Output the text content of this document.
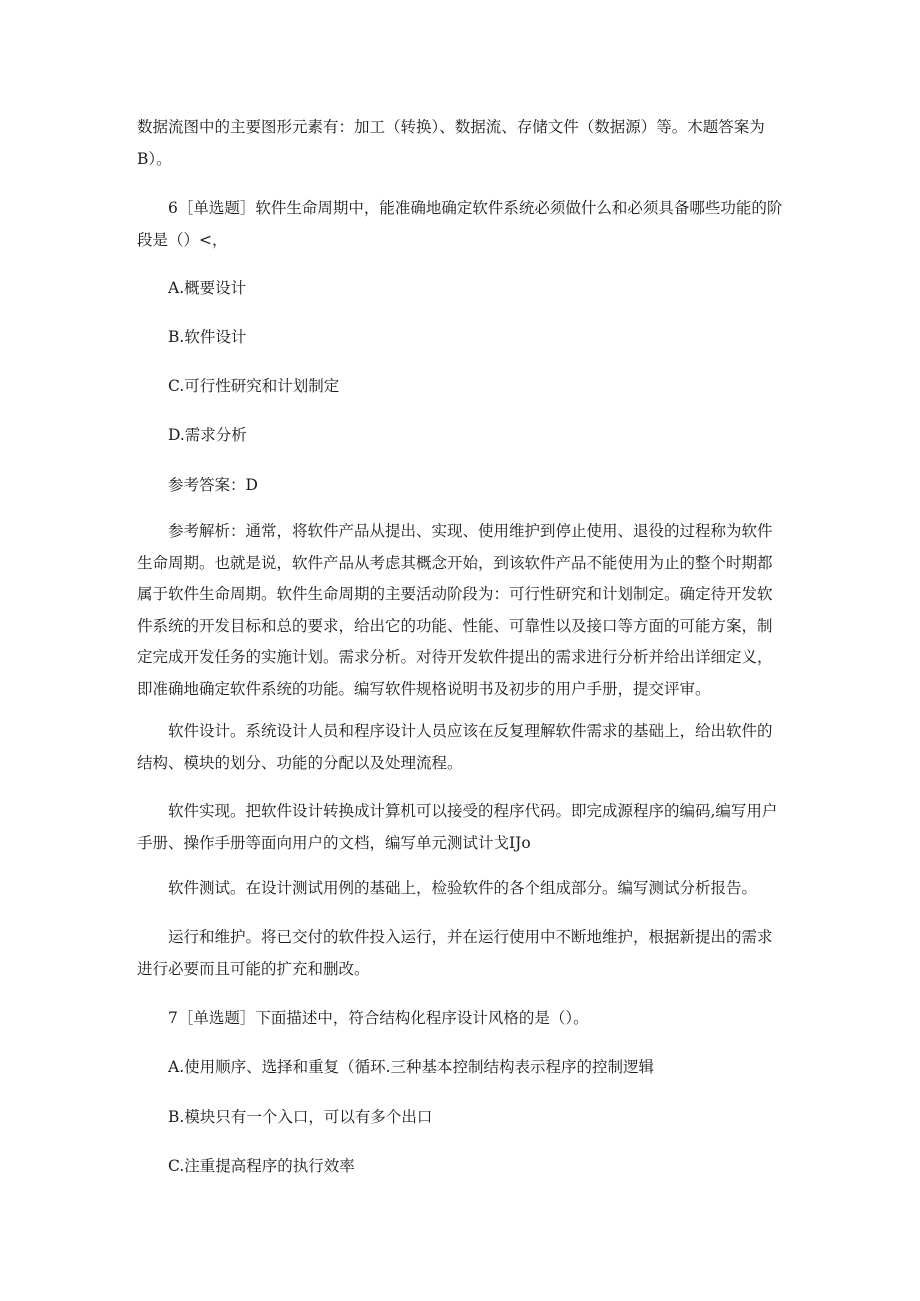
数据流图中的主要图形元素有：加工（转换）、数据流、存储文件（数据源）等。木题答案为B）。

6［单选题］软件生命周期中，能准确地确定软件系统必须做什么和必须具备哪些功能的阶段是（）<，

A.概要设计

B.软件设计

C.可行性研究和计划制定

D.需求分析

参考答案：D

参考解析：通常，将软件产品从提出、实现、使用维护到停止使用、退役的过程称为软件生命周期。也就是说，软件产品从考虑其概念开始，到该软件产品不能使用为止的整个时期都属于软件生命周期。软件生命周期的主要活动阶段为：可行性研究和计划制定。确定待开发软件系统的开发目标和总的要求，给出它的功能、性能、可靠性以及接口等方面的可能方案，制定完成开发任务的实施计划。需求分析。对待开发软件提出的需求进行分析并给出详细定义，即准确地确定软件系统的功能。编写软件规格说明书及初步的用户手册，提交评审。

软件设计。系统设计人员和程序设计人员应该在反复理解软件需求的基础上，给出软件的结构、模块的划分、功能的分配以及处理流程。

软件实现。把软件设计转换成计算机可以接受的程序代码。即完成源程序的编码,编写用户手册、操作手册等面向用户的文档，编写单元测试计戈IJo

软件测试。在设计测试用例的基础上，检验软件的各个组成部分。编写测试分析报告。

运行和维护。将已交付的软件投入运行，并在运行使用中不断地维护，根据新提出的需求进行必要而且可能的扩充和删改。

7［单选题］下面描述中，符合结构化程序设计风格的是（）。

A.使用顺序、选择和重复（循环.三种基本控制结构表示程序的控制逻辑

B.模块只有一个入口，可以有多个出口

C.注重提高程序的执行效率
